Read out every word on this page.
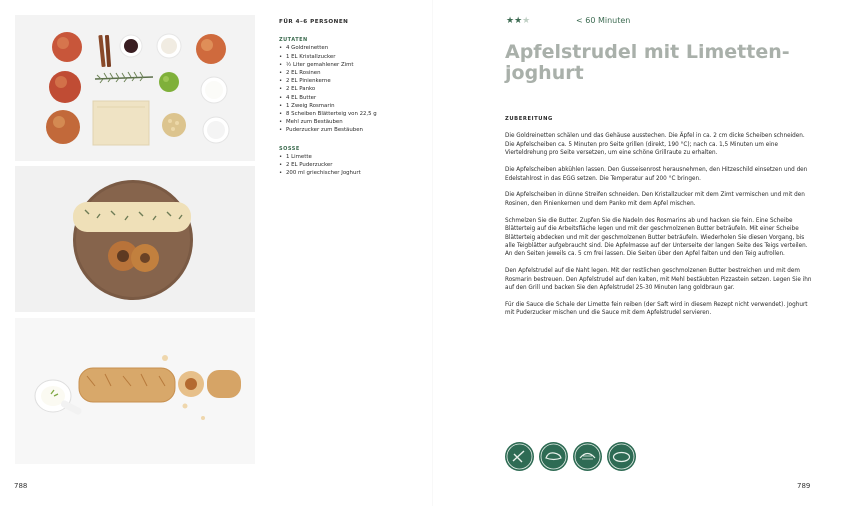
FÜR 4–6 PERSONEN
ZUTATEN
• 4 Goldreinetten
• 1 EL Kristallzucker
• ½ Liter gemahlener Zimt
• 2 EL Rosinen
• 2 EL Pinienkerne
• 2 EL Panko
• 4 EL Butter
• 1 Zweig Rosmarin
• 8 Scheiben Blätterteig von 22,5 g
• Mehl zum Bestäuben
• Puderzucker zum Bestäuben
SOSSE
• 1 Limette
• 2 EL Puderzucker
• 200 ml griechischer Joghurt
★★★	< 60 Minuten
Apfelstrudel mit Limetten-joghurt
ZUBEREITUNG

Die Goldreinetten schälen und das Gehäuse ausstechen. Die Äpfel in ca. 2 cm dicke Scheiben schneiden. Die Apfelscheiben ca. 5 Minuten pro Seite grillen (direkt, 190 °C); nach ca. 1,5 Minuten um eine Vierteldrehung pro Seite versetzen, um eine schöne Grillraute zu erhalten.

Die Apfelscheiben abkühlen lassen. Den Gusseisenrost herausnehmen, den Hitzeschild einsetzen und den Edelstahlrost in das EGG setzen. Die Temperatur auf 200 °C bringen.

Die Apfelscheiben in dünne Streifen schneiden. Den Kristallzucker mit dem Zimt vermischen und mit den Rosinen, den Pinienkernen und dem Panko mit dem Apfel mischen.

Schmelzen Sie die Butter. Zupfen Sie die Nadeln des Rosmarins ab und hacken sie fein. Eine Scheibe Blätterteig auf die Arbeitsfläche legen und mit der geschmolzenen Butter beträufeln. Mit einer Scheibe Blätterteig abdecken und mit der geschmolzenen Butter beträufeln. Wiederholen Sie diesen Vorgang, bis alle Teigblätter aufgebraucht sind. Die Apfelmasse auf der Unterseite der langen Seite des Teigs verteilen. An den Seiten jeweils ca. 5 cm frei lassen. Die Seiten über den Apfel falten und den Teig aufrollen.

Den Apfelstrudel auf die Naht legen. Mit der restlichen geschmolzenen Butter bestreichen und mit dem Rosmarin bestreuen. Den Apfelstrudel auf den kalten, mit Mehl bestäubten Pizzastein setzen. Legen Sie ihn auf den Grill und backen Sie den Apfelstrudel 25-30 Minuten lang goldbraun gar.

Für die Sauce die Schale der Limette fein reiben (der Saft wird in diesem Rezept nicht verwendet). Joghurt mit Puderzucker mischen und die Sauce mit dem Apfelstrudel servieren.

788	789
